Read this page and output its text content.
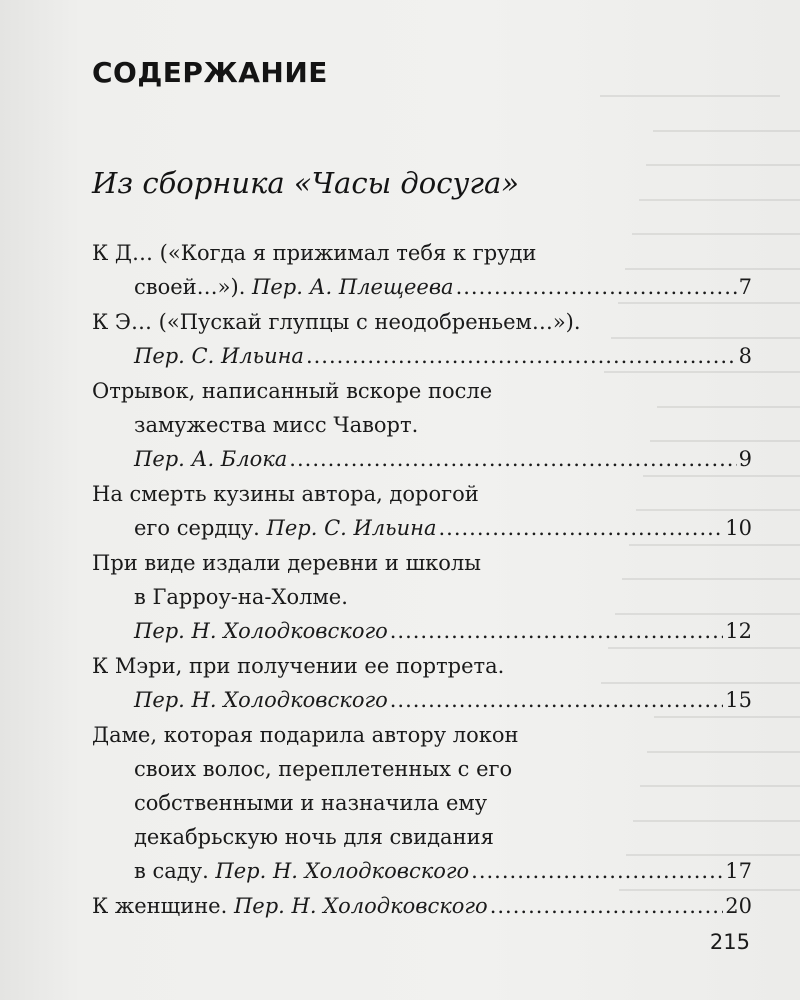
СОДЕРЖАНИЕ
Из сборника «Часы досуга»
К Д… («Когда я прижимал тебя к груди
своей…»). Пер. А. Плещеева .....	7
К Э… («Пускай глупцы с неодобреньем…»).
Пер. С. Ильина .....	8
Отрывок, написанный вскоре после
замужества мисс Чаворт.
Пер. А. Блока .....	9
На смерть кузины автора, дорогой
его сердцу. Пер. С. Ильина .....	10
При виде издали деревни и школы
в Гарроу-на-Холме.
Пер. Н. Холодковского .....	12
К Мэри, при получении ее портрета.
Пер. Н. Холодковского .....	15
Даме, которая подарила автору локон
своих волос, переплетенных с его
собственными и назначила ему
декабрьскую ночь для свидания
в саду. Пер. Н. Холодковского .....	17
К женщине. Пер. Н. Холодковского .....	20
215
